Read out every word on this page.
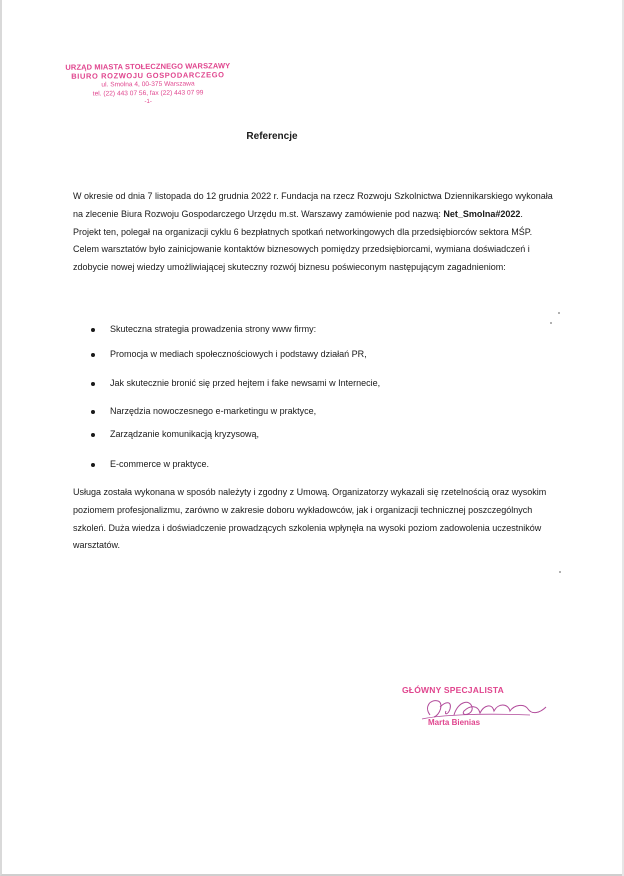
URZĄD MIASTA STOŁECZNEGO WARSZAWY
BIURO ROZWOJU GOSPODARCZEGO
ul. Smolna 4, 00-375 Warszawa
tel. (22) 443 07 56, fax (22) 443 07 99
-1-
Referencje
W okresie od dnia 7 listopada do 12 grudnia 2022 r. Fundacja na rzecz Rozwoju Szkolnictwa Dziennikarskiego wykonała na zlecenie Biura Rozwoju Gospodarczego Urzędu m.st. Warszawy zamówienie pod nazwą: Net_Smolna#2022. Projekt ten, polegał na organizacji cyklu 6 bezpłatnych spotkań networkingowych dla przedsiębiorców sektora MŚP. Celem warsztatów było zainicjowanie kontaktów biznesowych pomiędzy przedsiębiorcami, wymiana doświadczeń i zdobycie nowej wiedzy umożliwiającej skuteczny rozwój biznesu poświeconym następującym zagadnieniom:
Skuteczna strategia prowadzenia strony www firmy:
Promocja w mediach społecznościowych i podstawy działań PR,
Jak skutecznie bronić się przed hejtem i fake newsami w Internecie,
Narzędzia nowoczesnego e-marketingu w praktyce,
Zarządzanie komunikacją kryzysową,
E-commerce w praktyce.
Usługa została wykonana w sposób należyty i zgodny z Umową. Organizatorzy wykazali się rzetelnością oraz wysokim poziomem profesjonalizmu, zarówno w zakresie doboru wykładowców, jak i organizacji technicznej poszczególnych szkoleń. Duża wiedza i doświadczenie prowadzących szkolenia wpłynęła na wysoki poziom zadowolenia uczestników warsztatów.
GŁÓWNY SPECJALISTA
Marta Bienias
